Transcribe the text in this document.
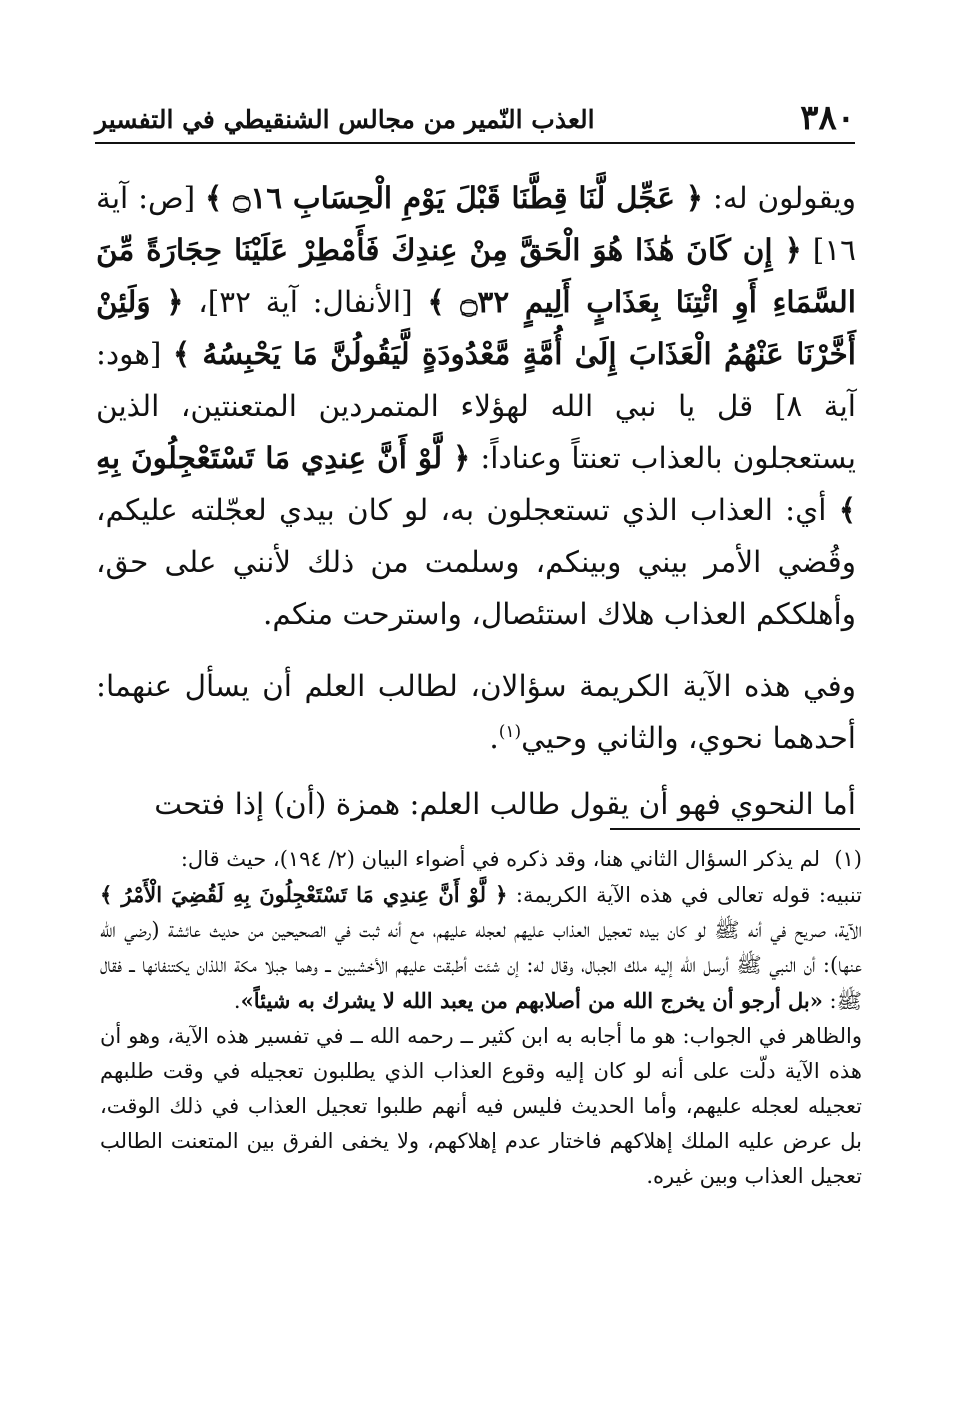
٣٨٠
العذب النّمير من مجالس الشنقيطي في التفسير

ويقولون له: ﴿ عَجِّل لَّنَا قِطَّنَا قَبْلَ يَوْمِ الْحِسَابِ ۝١٦ ﴾ [ص: آية ١٦] ﴿ إِن كَانَ هَٰذَا هُوَ الْحَقَّ مِنْ عِندِكَ فَأَمْطِرْ عَلَيْنَا حِجَارَةً مِّنَ السَّمَاءِ أَوِ ائْتِنَا بِعَذَابٍ أَلِيمٍ ۝٣٢ ﴾ [الأنفال: آية ٣٢]، ﴿ وَلَئِنْ أَخَّرْنَا عَنْهُمُ الْعَذَابَ إِلَىٰ أُمَّةٍ مَّعْدُودَةٍ لَّيَقُولُنَّ مَا يَحْبِسُهُ ﴾ [هود: آية ٨] قل يا نبي الله لهؤلاء المتمردين المتعنتين، الذين يستعجلون بالعذاب تعنتاً وعناداً: ﴿ لَّوْ أَنَّ عِندِي مَا تَسْتَعْجِلُونَ بِهِ ﴾ أي: العذاب الذي تستعجلون به، لو كان بيدي لعجّلته عليكم، وقُضي الأمر بيني وبينكم، وسلمت من ذلك لأنني على حق، وأهلككم العذاب هلاك استئصال، واسترحت منكم.

وفي هذه الآية الكريمة سؤالان، لطالب العلم أن يسأل عنهما: أحدهما نحوي، والثاني وحيي$^{(١)}$.

أما النحوي فهو أن يقول طالب العلم: همزة (أن) إذا فتحت

(١)لم يذكر السؤال الثاني هنا، وقد ذكره في أضواء البيان (٢/ ١٩٤)، حيث قال:

تنبيه: قوله تعالى في هذه الآية الكريمة: ﴿ لَّوْ أَنَّ عِندِي مَا تَسْتَعْجِلُونَ بِهِ لَقُضِيَ الْأَمْرُ ﴾ الآية، صريح في أنه ﷺ لو كان بيده تعجيل العذاب عليهم لعجله عليهم، مع أنه ثبت في الصحيحين من حديث عائشة (رضي الله عنها): أن النبي ﷺ أرسل الله إليه ملك الجبال، وقال له: إن شئت أطبقت عليهم الأخشبين ــ وهما جبلا مكة اللذان يكتنفانها ــ فقال ﷺ: «بل أرجو أن يخرج الله من أصلابهم من يعبد الله لا يشرك به شيئاً».

والظاهر في الجواب: هو ما أجابه به ابن كثير ــ رحمه الله ــ في تفسير هذه الآية، وهو أن هذه الآية دلّت على أنه لو كان إليه وقوع العذاب الذي يطلبون تعجيله في وقت طلبهم تعجيله لعجله عليهم، وأما الحديث فليس فيه أنهم طلبوا تعجيل العذاب في ذلك الوقت، بل عرض عليه الملك إهلاكهم فاختار عدم إهلاكهم، ولا يخفى الفرق بين المتعنت الطالب تعجيل العذاب وبين غيره.
